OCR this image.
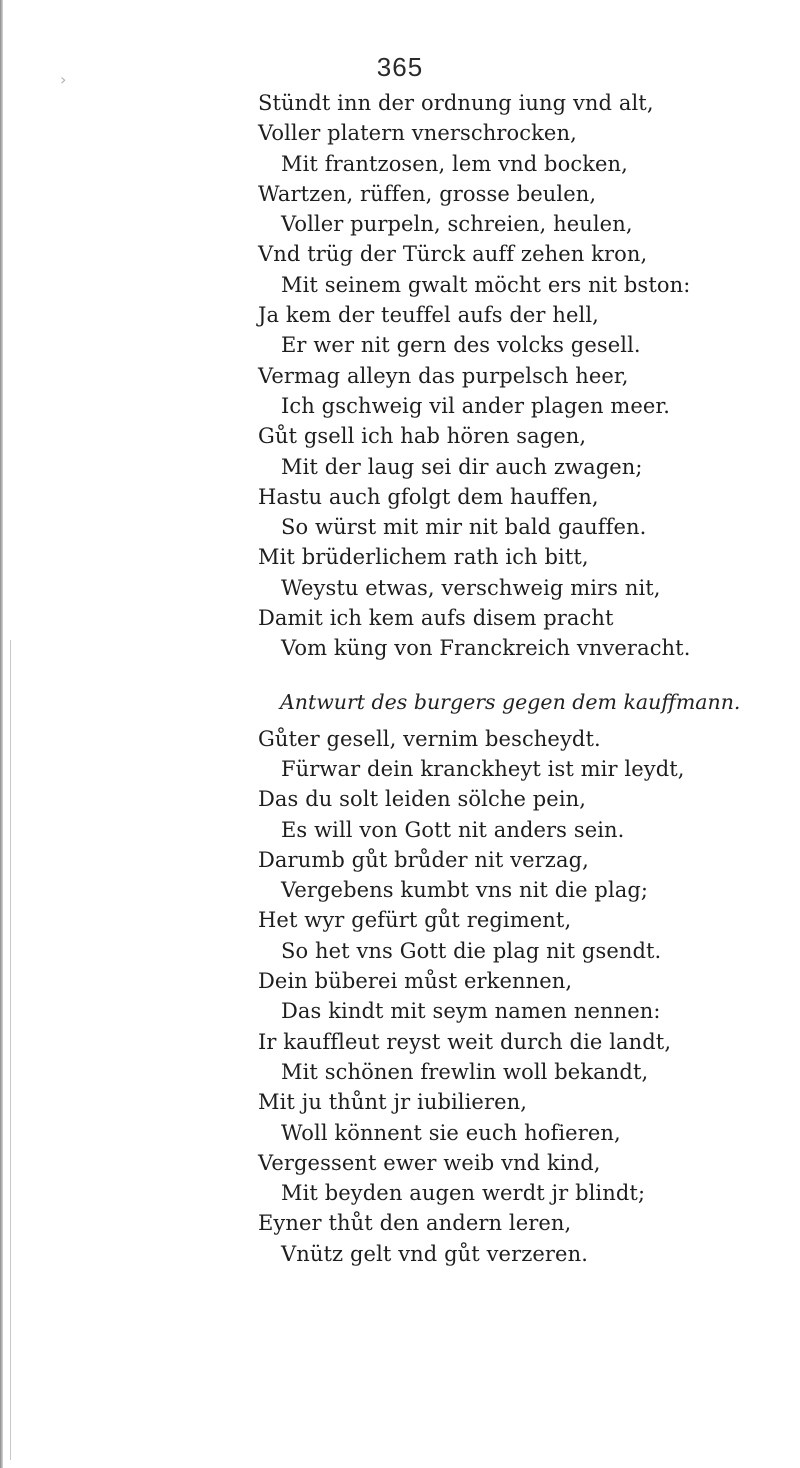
›	365
Stündt inn der ordnung iung vnd alt,
Voller platern vnerschrocken,
Mit frantzosen, lem vnd bocken,
Wartzen, rüffen, grosse beulen,
Voller purpeln, schreien, heulen,
Vnd trüg der Türck auff zehen kron,
Mit seinem gwalt möcht ers nit bston:
Ja kem der teuffel aufs der hell,
Er wer nit gern des volcks gesell.
Vermag alleyn das purpelsch heer,
Ich gschweig vil ander plagen meer.
Gůt gsell ich hab hören sagen,
Mit der laug sei dir auch zwagen;
Hastu auch gfolgt dem hauffen,
So würst mit mir nit bald gauffen.
Mit brüderlichem rath ich bitt,
Weystu etwas, verschweig mirs nit,
Damit ich kem aufs disem pracht
Vom küng von Franckreich vnveracht.
Antwurt des burgers gegen dem kauffmann.
Gůter gesell, vernim bescheydt.
Fürwar dein kranckheyt ist mir leydt,
Das du solt leiden sölche pein,
Es will von Gott nit anders sein.
Darumb gůt brůder nit verzag,
Vergebens kumbt vns nit die plag;
Het wyr gefürt gůt regiment,
So het vns Gott die plag nit gsendt.
Dein büberei můst erkennen,
Das kindt mit seym namen nennen:
Ir kauffleut reyst weit durch die landt,
Mit schönen frewlin woll bekandt,
Mit ju thůnt jr iubilieren,
Woll könnent sie euch hofieren,
Vergessent ewer weib vnd kind,
Mit beyden augen werdt jr blindt;
Eyner thůt den andern leren,
Vnütz gelt vnd gůt verzeren.
